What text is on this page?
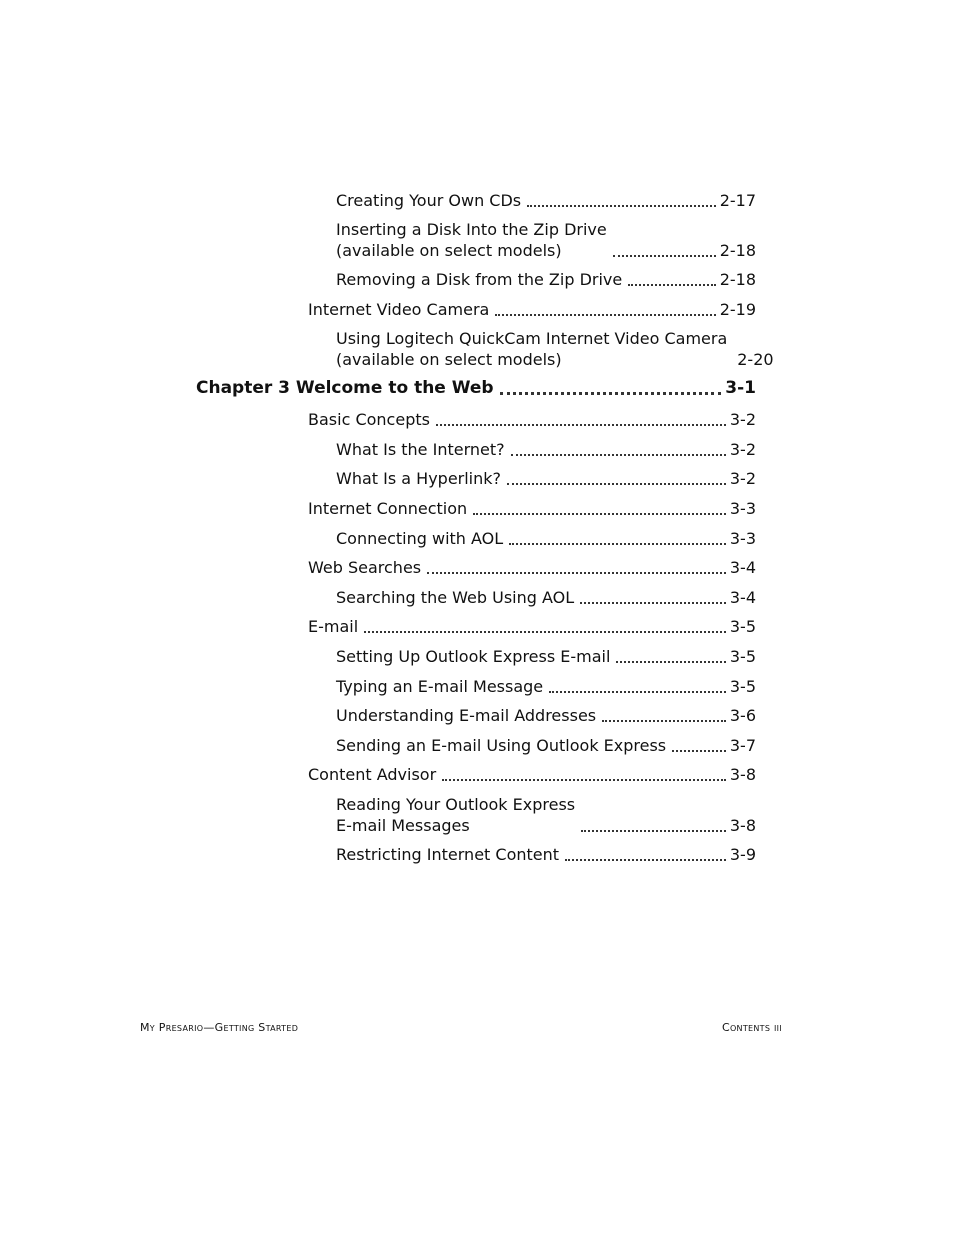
Creating Your Own CDs	2-17
Inserting a Disk Into the Zip Drive
(available on select models)	2-18
Removing a Disk from the Zip Drive	2-18
Internet Video Camera	2-19
Using Logitech QuickCam Internet Video Camera
(available on select models)	2-20
Chapter 3 Welcome to the Web	3-1
Basic Concepts	3-2
What Is the Internet?	3-2
What Is a Hyperlink?	3-2
Internet Connection	3-3
Connecting with AOL	3-3
Web Searches	3-4
Searching the Web Using AOL	3-4
E-mail	3-5
Setting Up Outlook Express E-mail	3-5
Typing an E-mail Message	3-5
Understanding E-mail Addresses	3-6
Sending an E-mail Using Outlook Express	3-7
Content Advisor	3-8
Reading Your Outlook Express
E-mail Messages	3-8
Restricting Internet Content	3-9
My Presario—Getting Started	Contents iii
